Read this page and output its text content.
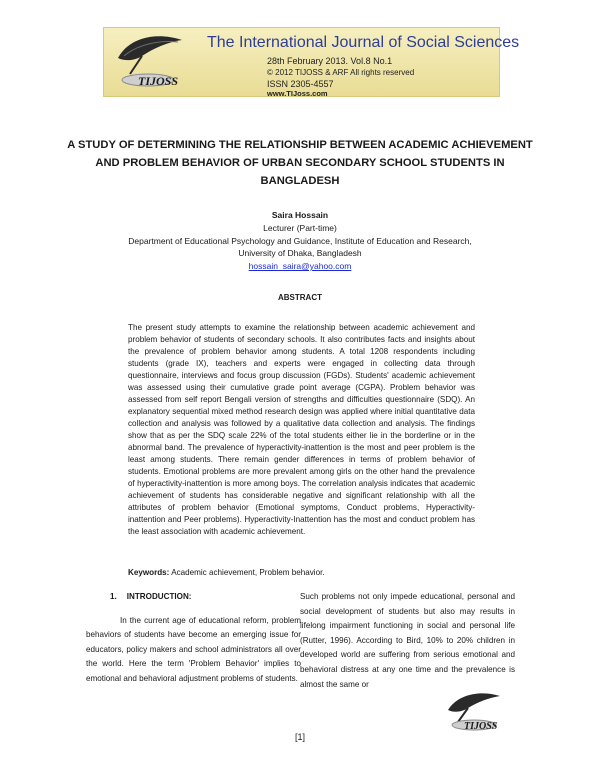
TIJOSS
The International Journal of Social Sciences
28th February 2013. Vol.8 No.1
© 2012 TIJOSS & ARF All rights reserved
ISSN 2305-4557
www.TIJoss.com
A STUDY OF DETERMINING THE RELATIONSHIP BETWEEN ACADEMIC ACHIEVEMENT AND PROBLEM BEHAVIOR OF URBAN SECONDARY SCHOOL STUDENTS IN BANGLADESH
Saira Hossain
Lecturer (Part-time)
Department of Educational Psychology and Guidance, Institute of Education and Research,
University of Dhaka, Bangladesh
hossain_saira@yahoo.com
ABSTRACT
The present study attempts to examine the relationship between academic achievement and problem behavior of students of secondary schools. It also contributes facts and insights about the prevalence of problem behavior among students. A total 1208 respondents including students (grade IX), teachers and experts were engaged in collecting data through questionnaire, interviews and focus group discussion (FGDs). Students' academic achievement was assessed using their cumulative grade point average (CGPA). Problem behavior was assessed from self report Bengali version of strengths and difficulties questionnaire (SDQ). An explanatory sequential mixed method research design was applied where initial quantitative data collection and analysis was followed by a qualitative data collection and analysis. The findings show that as per the SDQ scale 22% of the total students either lie in the borderline or in the abnormal band. The prevalence of hyperactivity-inattention is the most and peer problem is the least among students. There remain gender differences in terms of problem behavior of students. Emotional problems are more prevalent among girls on the other hand the prevalence of hyperactivity-inattention is more among boys. The correlation analysis indicates that academic achievement of students has considerable negative and significant relationship with all the attributes of problem behavior (Emotional symptoms, Conduct problems, Hyperactivity-inattention and Peer problems). Hyperactivity-Inattention has the most and conduct problem has the least association with academic achievement.
Keywords: Academic achievement, Problem behavior.
1. INTRODUCTION:
In the current age of educational reform, problem behaviors of students have become an emerging issue for educators, policy makers and school administrators all over the world. Here the term 'Problem Behavior' implies to emotional and behavioral adjustment problems of students.
Such problems not only impede educational, personal and social development of students but also may results in lifelong impairment functioning in social and personal life (Rutter, 1996). According to Bird, 10% to 20% children in developed world are suffering from serious emotional and behavioral distress at any one time and the prevalence is almost the same or
TIJOSS
[1]
